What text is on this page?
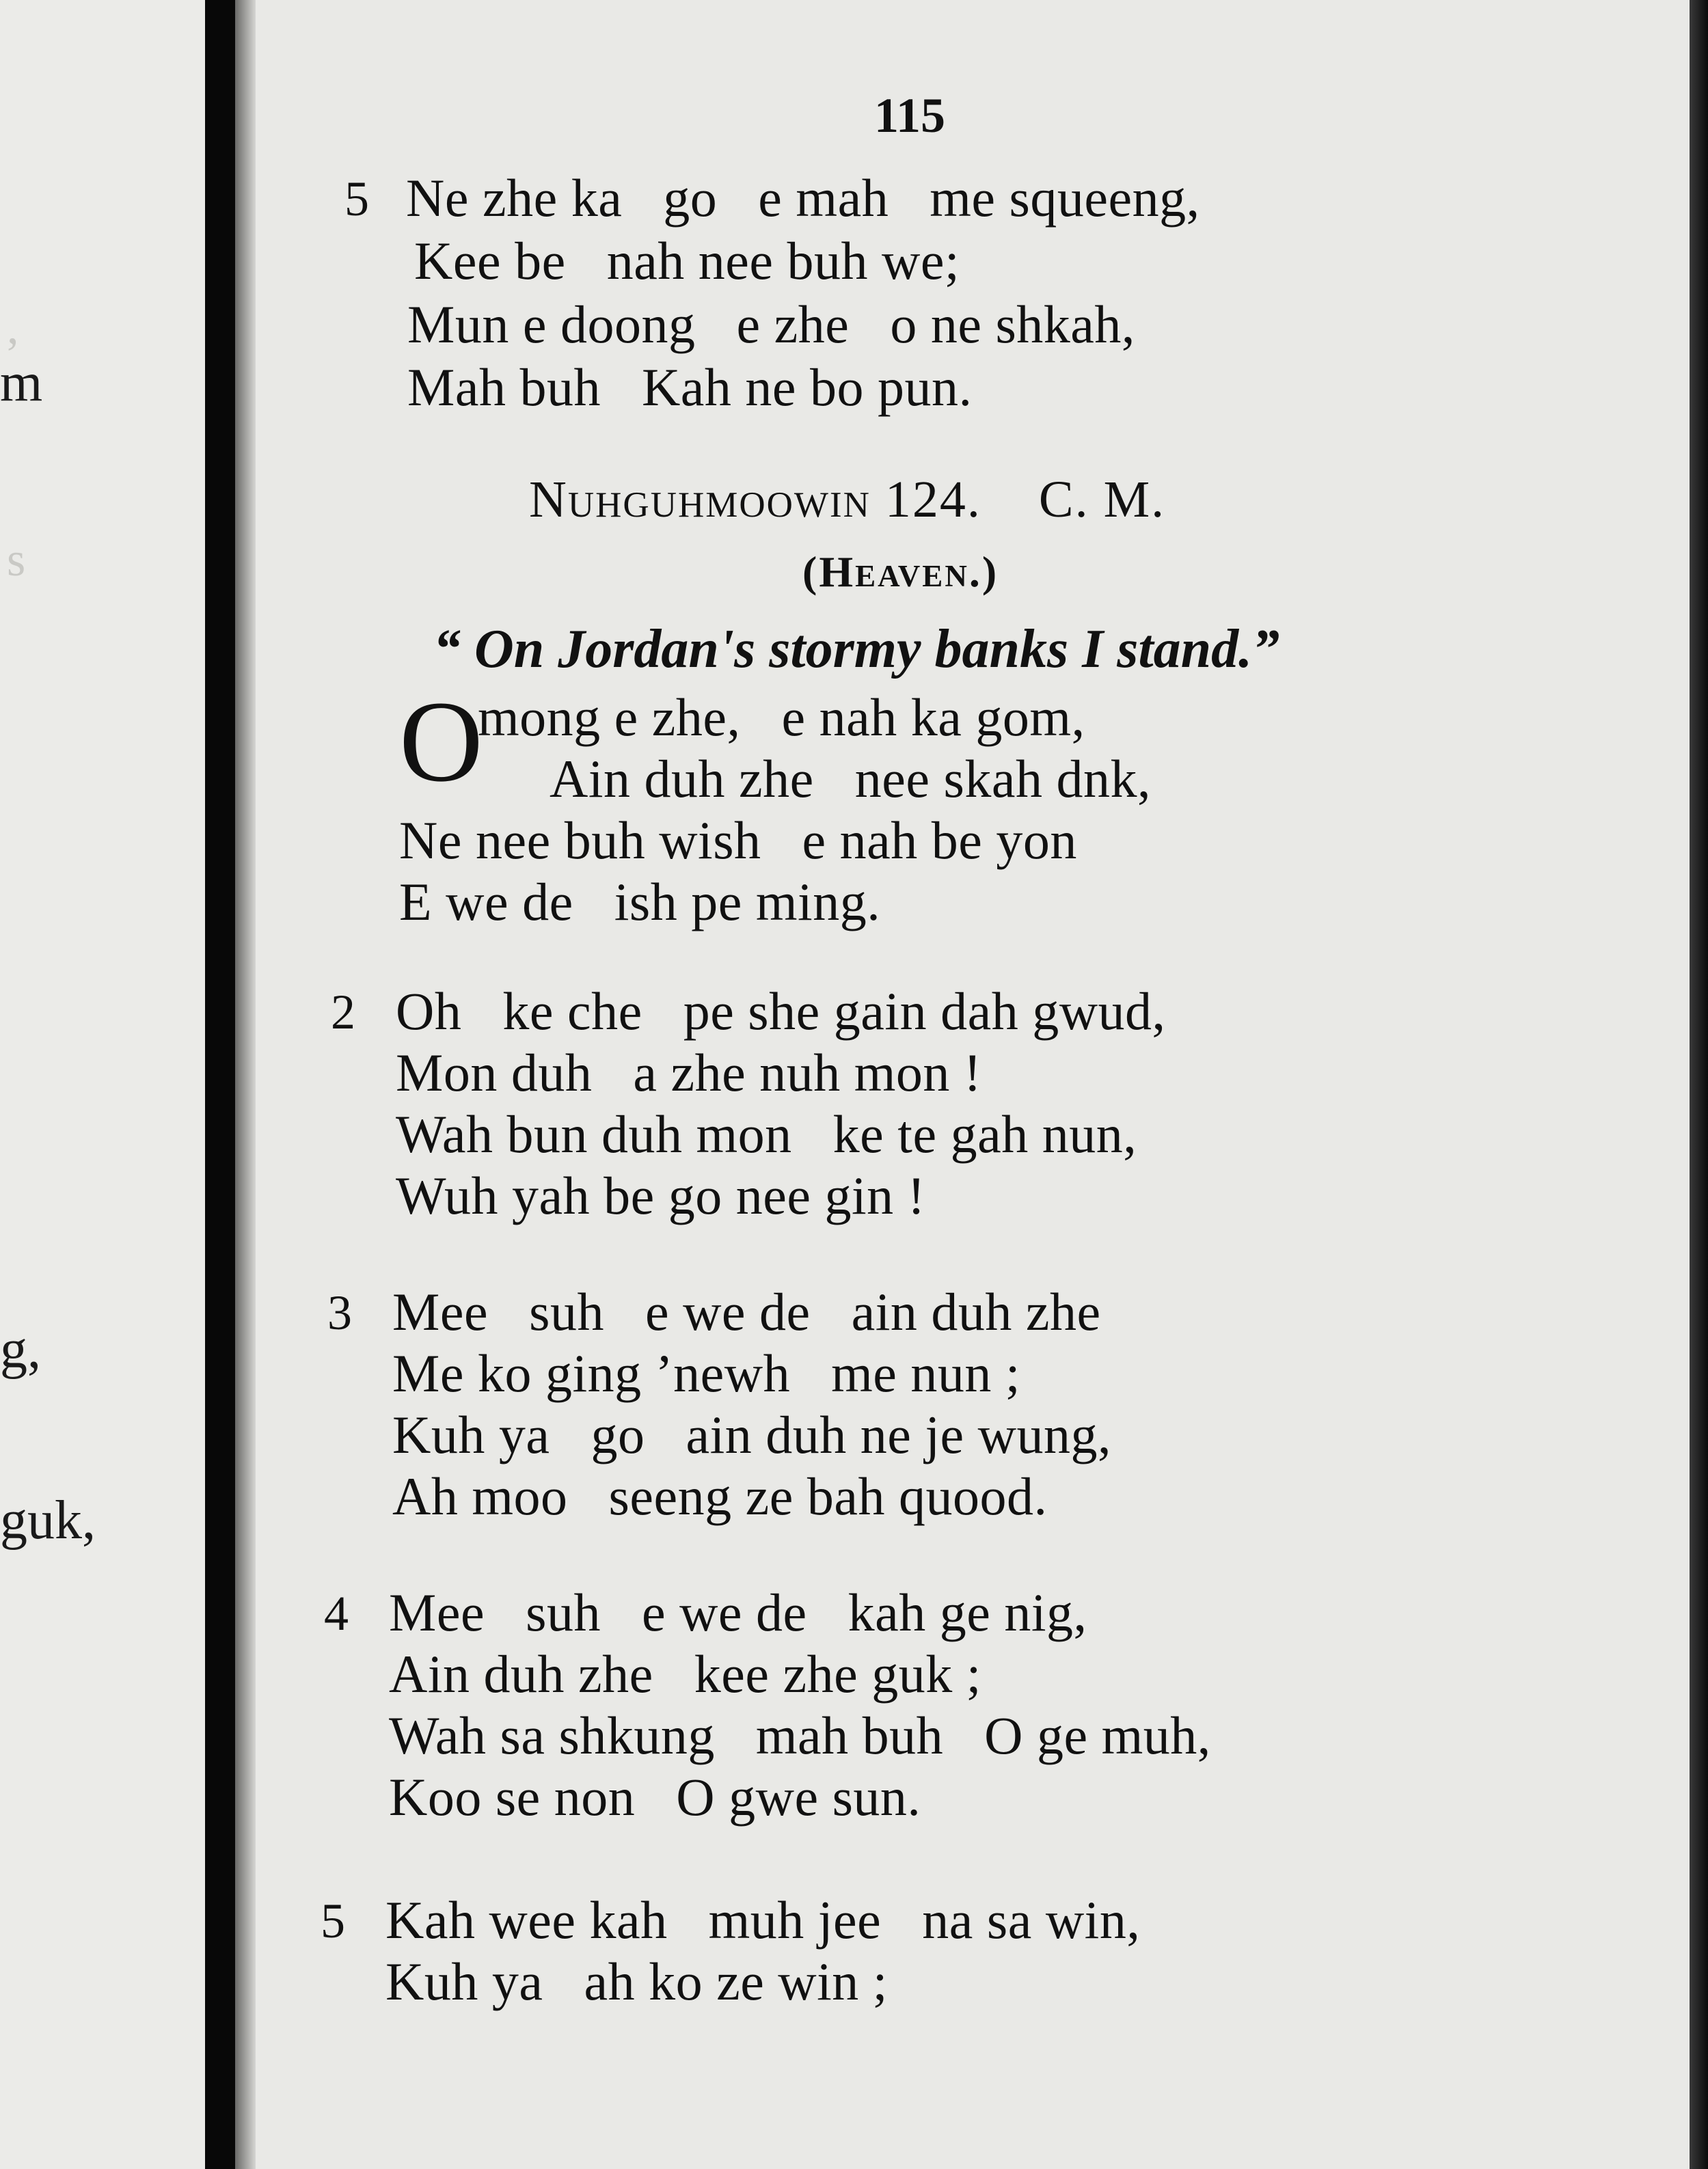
,
s
m
g,
guk,
115
5 Ne zhe ka   go   e mah   me squeeng,
Kee be   nah nee buh we;
Mun e doong   e zhe   o ne shkah,
Mah buh   Kah ne bo pun.
Nuhguhmoowin 124. C. M.
(Heaven.)
“ On Jordan's stormy banks I stand.”
O
mong e zhe,   e nah ka gom,
Ain duh zhe   nee skah dnk,
Ne nee buh wish   e nah be yon
E we de   ish pe ming.
2 Oh   ke che   pe she gain dah gwud,
Mon duh   a zhe nuh mon !
Wah bun duh mon   ke te gah nun,
Wuh yah be go nee gin !
3 Mee   suh   e we de   ain duh zhe
Me ko ging ’newh   me nun ;
Kuh ya   go   ain duh ne je wung,
Ah moo   seeng ze bah quood.
4 Mee   suh   e we de   kah ge nig,
Ain duh zhe   kee zhe guk ;
Wah sa shkung   mah buh   O ge muh,
Koo se non   O gwe sun.
5 Kah wee kah   muh jee   na sa win,
Kuh ya   ah ko ze win ;
